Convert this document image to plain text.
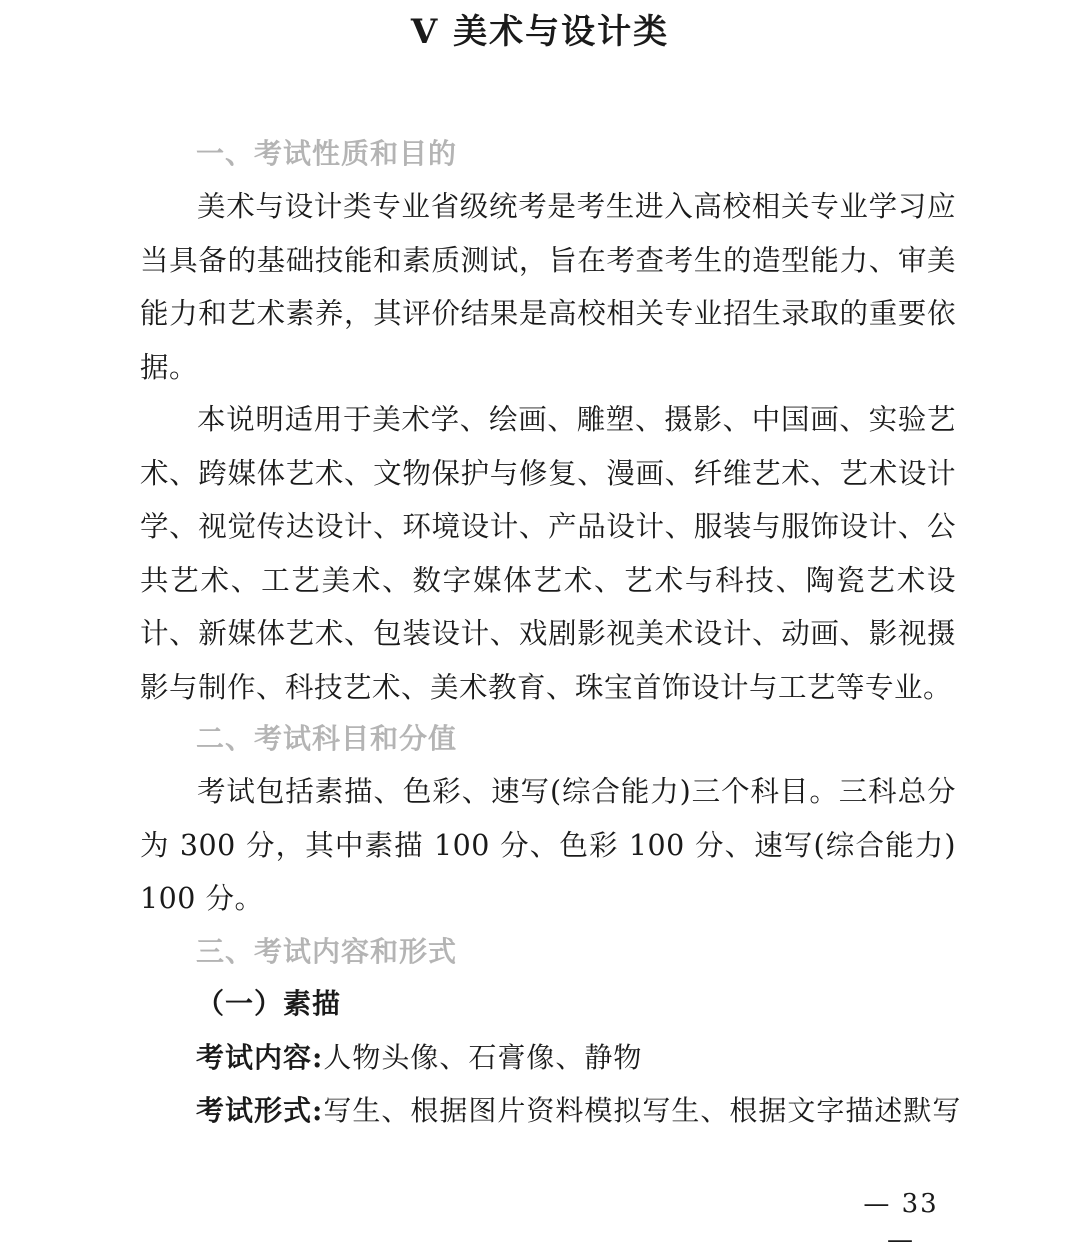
V 美术与设计类
一、考试性质和目的

美术与设计类专业省级统考是考生进入高校相关专业学习应当具备的基础技能和素质测试，旨在考查考生的造型能力、审美能力和艺术素养，其评价结果是高校相关专业招生录取的重要依据。

本说明适用于美术学、绘画、雕塑、摄影、中国画、实验艺术、跨媒体艺术、文物保护与修复、漫画、纤维艺术、艺术设计学、视觉传达设计、环境设计、产品设计、服装与服饰设计、公共艺术、工艺美术、数字媒体艺术、艺术与科技、陶瓷艺术设计、新媒体艺术、包装设计、戏剧影视美术设计、动画、影视摄影与制作、科技艺术、美术教育、珠宝首饰设计与工艺等专业。

二、考试科目和分值

考试包括素描、色彩、速写(综合能力)三个科目。三科总分为 300 分，其中素描 100 分、色彩 100 分、速写(综合能力)100 分。

三、考试内容和形式
（一）素描
考试内容:人物头像、石膏像、静物
考试形式:写生、根据图片资料模拟写生、根据文字描述默写
— 33 —
